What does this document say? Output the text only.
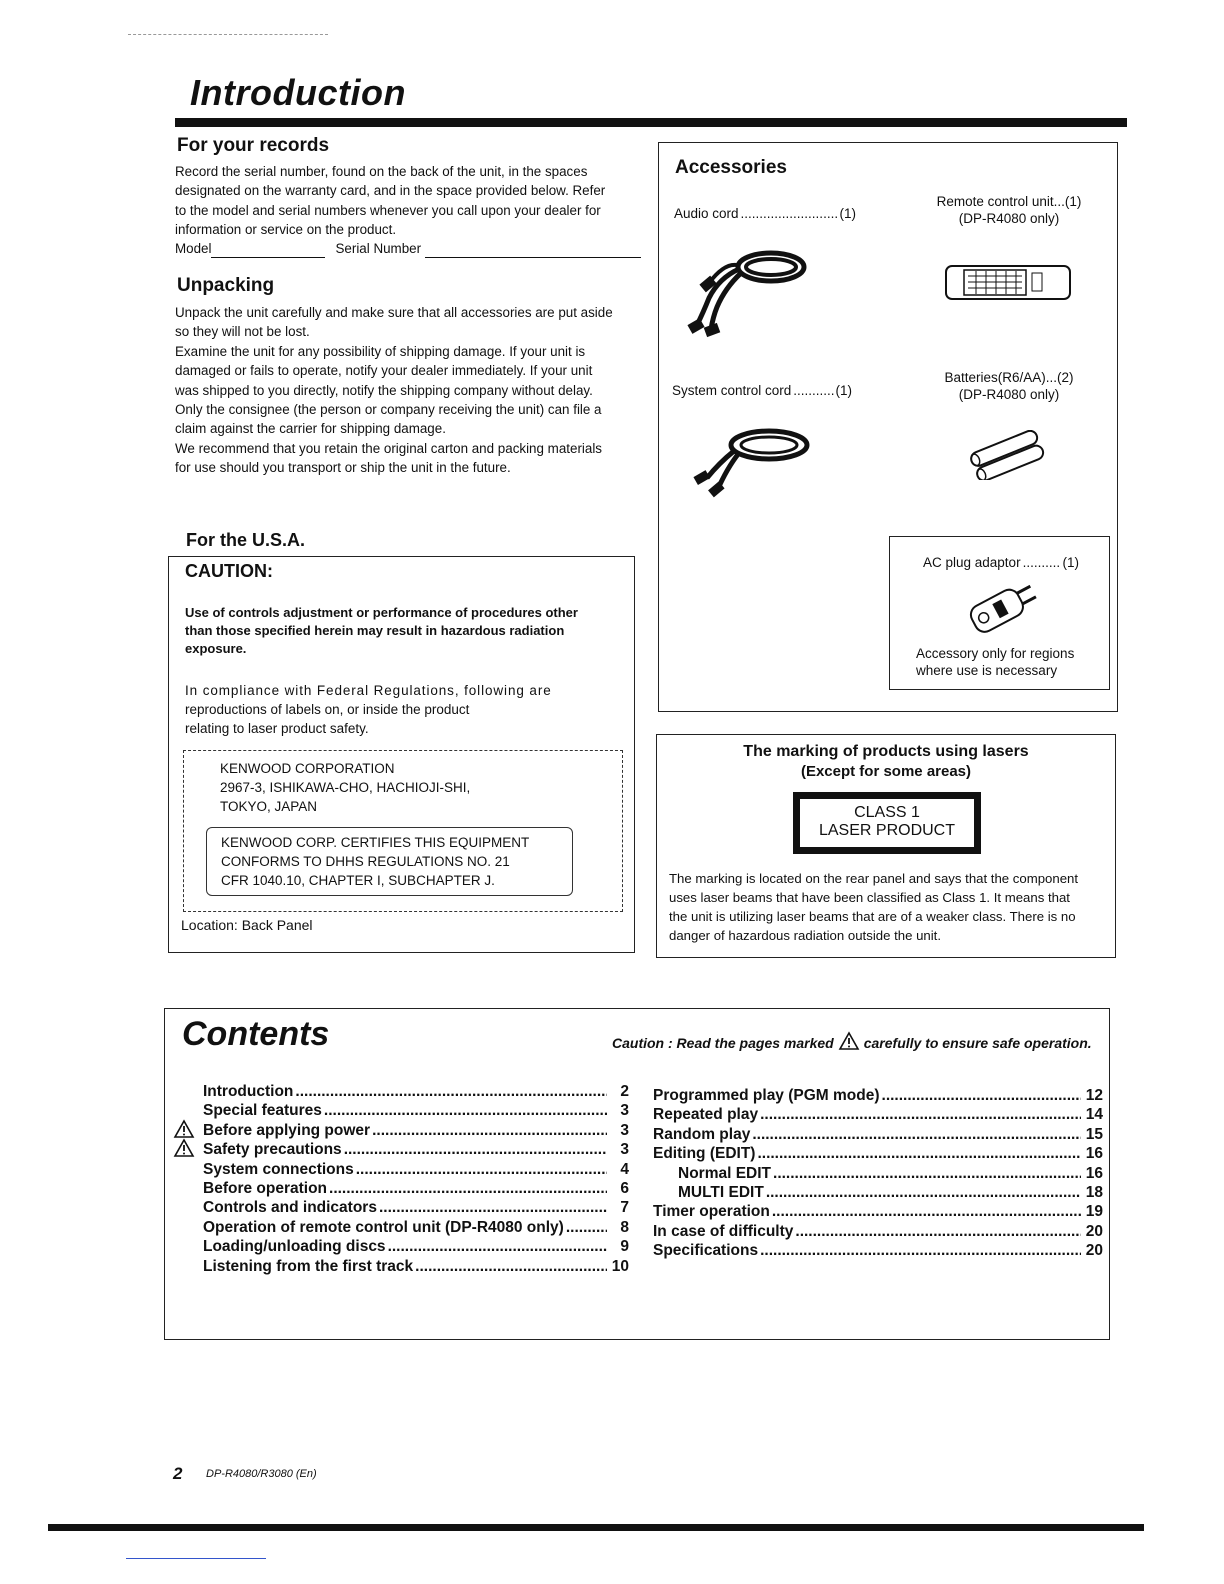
Introduction
For your records
Record the serial number, found on the back of the unit, in the spaces
designated on the warranty card, and in the space provided below. Refer
to the model and serial numbers whenever you call upon your dealer for
information or service on the product.
Model	Serial Number
Unpacking
Unpack the unit carefully and make sure that all accessories are put aside
so they will not be lost.
Examine the unit for any possibility of shipping damage. If your unit is
damaged or fails to operate, notify your dealer immediately. If your unit
was shipped to you directly, notify the shipping company without delay.
Only the consignee (the person or company receiving the unit) can file a
claim against the carrier for shipping damage.
We recommend that you retain the original carton and packing materials
for use should you transport or ship the unit in the future.
For the U.S.A.
CAUTION:
Use of controls adjustment or performance of procedures other
than those specified herein may result in hazardous radiation
exposure.
In compliance with Federal Regulations, following are
reproductions of labels on, or inside the product
relating to laser product safety.
KENWOOD CORPORATION
2967-3, ISHIKAWA-CHO, HACHIOJI-SHI,
TOKYO, JAPAN
KENWOOD CORP. CERTIFIES THIS EQUIPMENT
CONFORMS TO DHHS REGULATIONS NO. 21
CFR 1040.10, CHAPTER I, SUBCHAPTER J.
Location: Back Panel
Accessories
Audio cord .....	(1)
Remote control unit...(1)
(DP-R4080 only)
System control cord .....	(1)
Batteries(R6/AA)...(2)
(DP-R4080 only)
AC plug adaptor .....	(1)
Accessory only for regions
where use is necessary
The marking of products using lasers
(Except for some areas)
CLASS 1
LASER PRODUCT
The marking is located on the rear panel and says that the component
uses laser beams that have been classified as Class 1. It means that
the unit is utilizing laser beams that are of a weaker class. There is no
danger of hazardous radiation outside the unit.
Contents	Caution : Read the pages marked carefully to ensure safe operation.
Introduction .....	2
Special features .....	3
Before applying power .....	3
Safety precautions .....	3
System connections .....	4
Before operation .....	6
Controls and indicators .....	7
Operation of remote control unit (DP-R4080 only) .....	8
Loading/unloading discs .....	9
Listening from the first track .....	10
Programmed play (PGM mode) .....	12
Repeated play .....	14
Random play .....	15
Editing (EDIT) .....	16
Normal EDIT .....	16
MULTI EDIT .....	18
Timer operation .....	19
In case of difficulty .....	20
Specifications .....	20
2 DP-R4080/R3080 (En)
